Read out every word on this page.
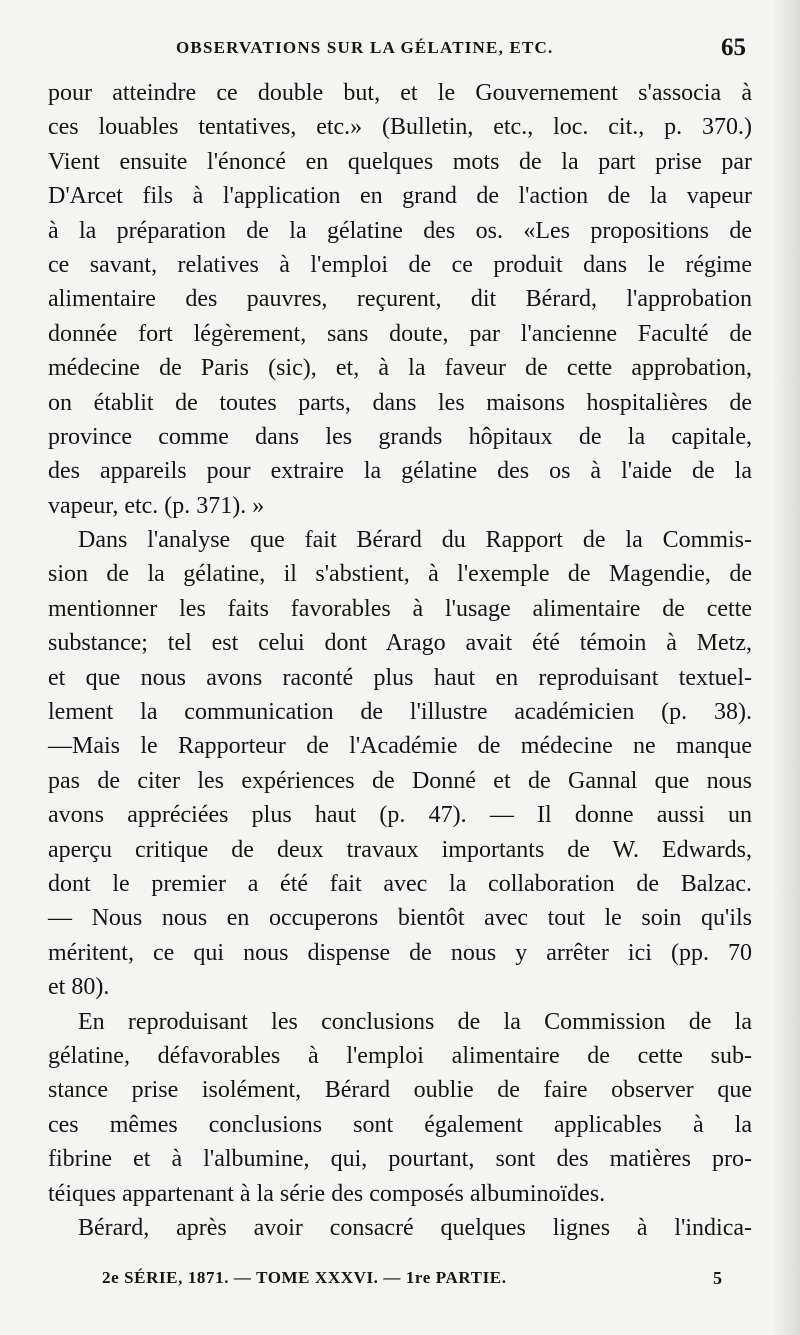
OBSERVATIONS SUR LA GÉLATINE, ETC.	65
pour atteindre ce double but, et le Gouvernement s'associa à
ces louables tentatives, etc.» (Bulletin, etc., loc. cit., p. 370.)
Vient ensuite l'énoncé en quelques mots de la part prise par
D'Arcet fils à l'application en grand de l'action de la vapeur
à la préparation de la gélatine des os. «Les propositions de
ce savant, relatives à l'emploi de ce produit dans le régime
alimentaire des pauvres, reçurent, dit Bérard, l'approbation
donnée fort légèrement, sans doute, par l'ancienne Faculté de
médecine de Paris (sic), et, à la faveur de cette approbation,
on établit de toutes parts, dans les maisons hospitalières de
province comme dans les grands hôpitaux de la capitale,
des appareils pour extraire la gélatine des os à l'aide de la
vapeur, etc. (p. 371). »
Dans l'analyse que fait Bérard du Rapport de la Commis-
sion de la gélatine, il s'abstient, à l'exemple de Magendie, de
mentionner les faits favorables à l'usage alimentaire de cette
substance; tel est celui dont Arago avait été témoin à Metz,
et que nous avons raconté plus haut en reproduisant textuel-
lement la communication de l'illustre académicien (p. 38).
—Mais le Rapporteur de l'Académie de médecine ne manque
pas de citer les expériences de Donné et de Gannal que nous
avons appréciées plus haut (p. 47). — Il donne aussi un
aperçu critique de deux travaux importants de W. Edwards,
dont le premier a été fait avec la collaboration de Balzac.
— Nous nous en occuperons bientôt avec tout le soin qu'ils
méritent, ce qui nous dispense de nous y arrêter ici (pp. 70
et 80).
En reproduisant les conclusions de la Commission de la
gélatine, défavorables à l'emploi alimentaire de cette sub-
stance prise isolément, Bérard oublie de faire observer que
ces mêmes conclusions sont également applicables à la
fibrine et à l'albumine, qui, pourtant, sont des matières pro-
téiques appartenant à la série des composés albuminoïdes.
Bérard, après avoir consacré quelques lignes à l'indica-
2e SÉRIE, 1871. — TOME XXXVI. — 1re PARTIE.	5
